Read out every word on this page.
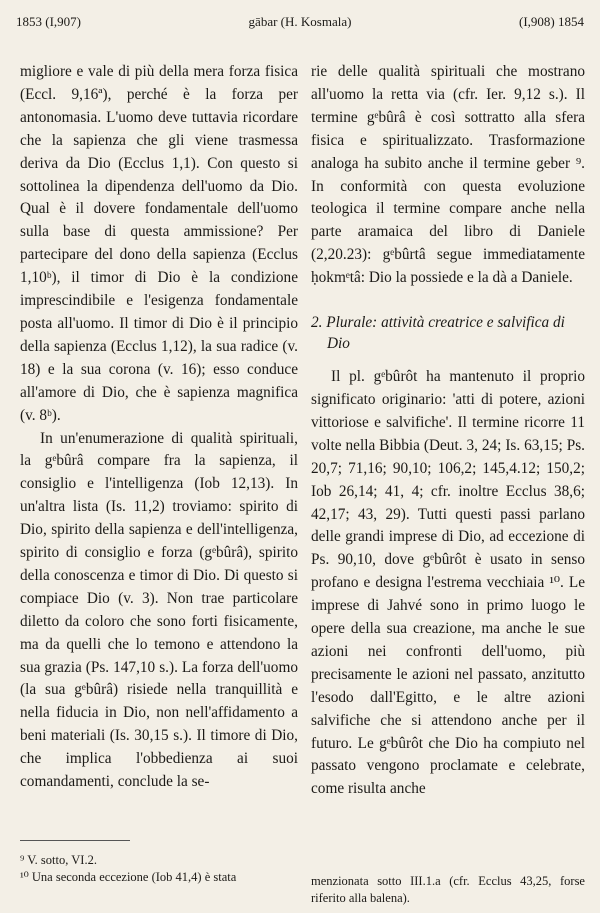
1853 (I,907)	gābar (H. Kosmala)	(I,908) 1854

migliore e vale di più della mera forza fisica (Eccl. 9,16ª), perché è la forza per antonomasia. L'uomo deve tuttavia ricordare che la sapienza che gli viene trasmessa deriva da Dio (Ecclus 1,1). Con questo si sottolinea la dipendenza dell'uomo da Dio. Qual è il dovere fondamentale dell'uomo sulla base di questa ammissione? Per partecipare del dono della sapienza (Ecclus 1,10ᵇ), il timor di Dio è la condizione imprescindibile e l'esigenza fondamentale posta all'uomo. Il timor di Dio è il principio della sapienza (Ecclus 1,12), la sua radice (v. 18) e la sua corona (v. 16); esso conduce all'amore di Dio, che è sapienza magnifica (v. 8ᵇ).

In un'enumerazione di qualità spirituali, la gᵉbûrâ compare fra la sapienza, il consiglio e l'intelligenza (Iob 12,13). In un'altra lista (Is. 11,2) troviamo: spirito di Dio, spirito della sapienza e dell'intelligenza, spirito di consiglio e forza (gᵉbûrâ), spirito della conoscenza e timor di Dio. Di questo si compiace Dio (v. 3). Non trae particolare diletto da coloro che sono forti fisicamente, ma da quelli che lo temono e attendono la sua grazia (Ps. 147,10 s.). La forza dell'uomo (la sua gᵉbûrâ) risiede nella tranquillità e nella fiducia in Dio, non nell'affidamento a beni materiali (Is. 30,15 s.). Il timore di Dio, che implica l'obbedienza ai suoi comandamenti, conclude la se-

rie delle qualità spirituali che mostrano all'uomo la retta via (cfr. Ier. 9,12 s.). Il termine gᵉbûrâ è così sottratto alla sfera fisica e spiritualizzato. Trasformazione analoga ha subito anche il termine geber ⁹. In conformità con questa evoluzione teologica il termine compare anche nella parte aramaica del libro di Daniele (2,20.23): gᵉbûrtâ segue immediatamente ḥokmᵉtâ: Dio la possiede e la dà a Daniele.

2. Plurale: attività creatrice e salvifica di Dio

Il pl. gᵉbûrôt ha mantenuto il proprio significato originario: 'atti di potere, azioni vittoriose e salvifiche'. Il termine ricorre 11 volte nella Bibbia (Deut. 3, 24; Is. 63,15; Ps. 20,7; 71,16; 90,10; 106,2; 145,4.12; 150,2; Iob 26,14; 41, 4; cfr. inoltre Ecclus 38,6; 42,17; 43, 29). Tutti questi passi parlano delle grandi imprese di Dio, ad eccezione di Ps. 90,10, dove gᵉbûrôt è usato in senso profano e designa l'estrema vecchiaia ¹⁰. Le imprese di Jahvé sono in primo luogo le opere della sua creazione, ma anche le sue azioni nei confronti dell'uomo, più precisamente le azioni nel passato, anzitutto l'esodo dall'Egitto, e le altre azioni salvifiche che si attendono anche per il futuro. Le gᵉbûrôt che Dio ha compiuto nel passato vengono proclamate e celebrate, come risulta anche

⁹ V. sotto, VI.2.
¹⁰ Una seconda eccezione (Iob 41,4) è stata	menzionata sotto III.1.a (cfr. Ecclus 43,25, forse riferito alla balena).
